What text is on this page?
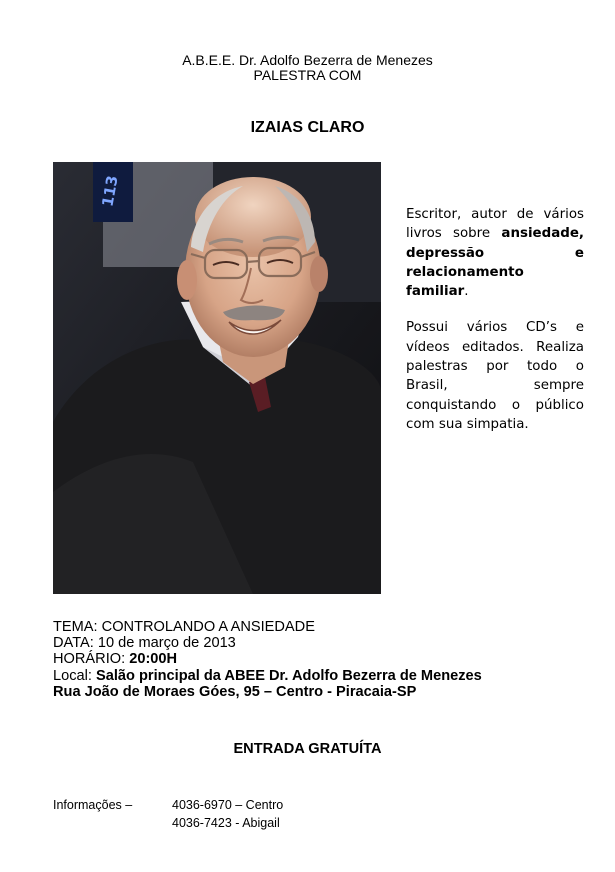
A.B.E.E. Dr. Adolfo Bezerra de Menezes
PALESTRA COM
IZAIAS CLARO
113

Escritor, autor de vários livros sobre ansiedade, depressão e relacionamento familiar.

Possui vários CD’s e vídeos editados. Realiza palestras por todo o Brasil, sempre conquistando o público com sua simpatia.

TEMA: CONTROLANDO A ANSIEDADE
DATA: 10 de março de 2013
HORÁRIO: 20:00H
Local: Salão principal da ABEE Dr. Adolfo Bezerra de Menezes
Rua João de Moraes Góes, 95 – Centro - Piracaia-SP
ENTRADA GRATUÍTA
Informações –	4036-6970 – Centro
4036-7423 - Abigail
